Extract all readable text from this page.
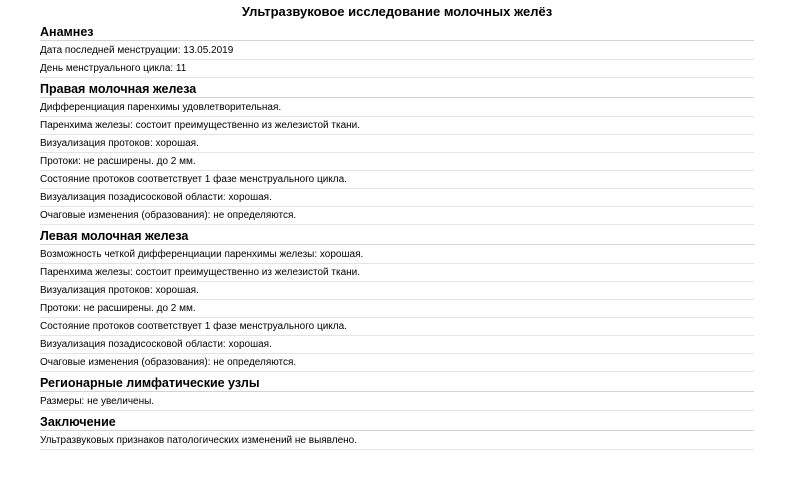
Ультразвуковое исследование молочных желёз
Анамнез
Дата последней менструации: 13.05.2019
День менструального цикла: 11
Правая молочная железа
Дифференциация паренхимы удовлетворительная.
Паренхима железы: состоит преимущественно из железистой ткани.
Визуализация протоков: хорошая.
Протоки: не расширены. до 2 мм.
Состояние протоков соответствует 1 фазе менструального цикла.
Визуализация позадисосковой области: хорошая.
Очаговые изменения (образования): не определяются.
Левая молочная железа
Возможность четкой дифференциации паренхимы железы: хорошая.
Паренхима железы: состоит преимущественно из железистой ткани.
Визуализация протоков: хорошая.
Протоки: не расширены. до 2 мм.
Состояние протоков соответствует 1 фазе менструального цикла.
Визуализация позадисосковой области: хорошая.
Очаговые изменения (образования): не определяются.
Регионарные лимфатические узлы
Размеры: не увеличены.
Заключение
Ультразвуковых признаков патологических изменений не выявлено.
